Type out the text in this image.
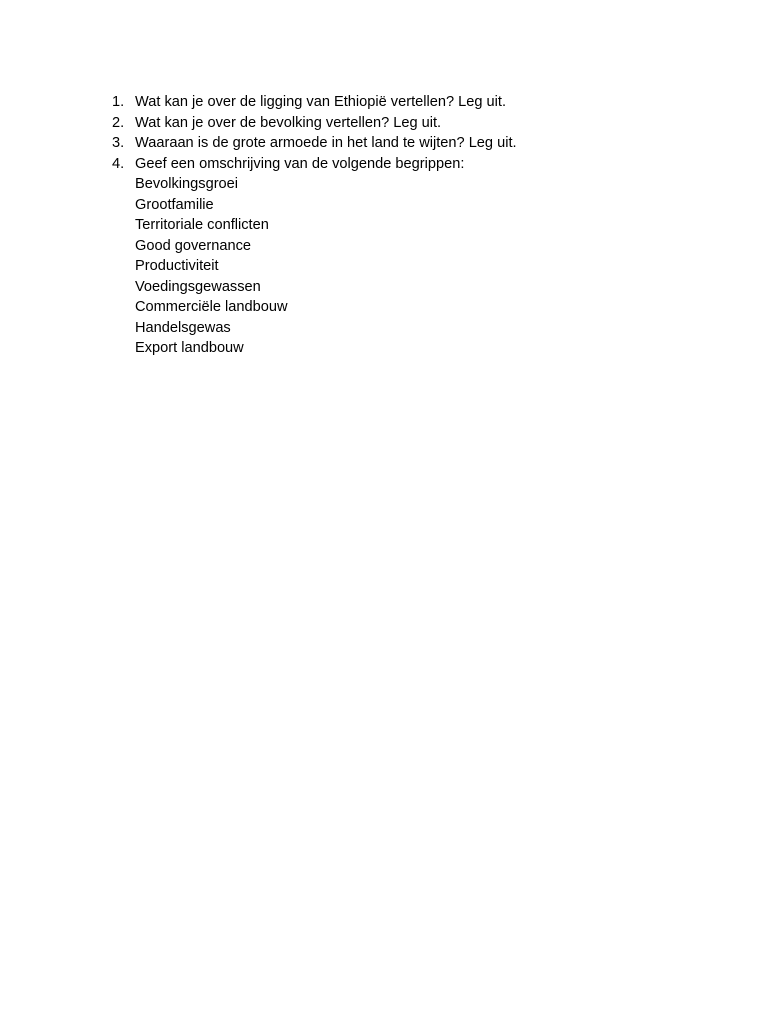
1. Wat kan je over de ligging van Ethiopië vertellen? Leg uit.
2. Wat kan je over de bevolking vertellen? Leg uit.
3. Waaraan is de grote armoede in het land te wijten? Leg uit.
4. Geef een omschrijving van de volgende begrippen:
Bevolkingsgroei
Grootfamilie
Territoriale conflicten
Good governance
Productiviteit
Voedingsgewassen
Commerciële landbouw
Handelsgewas
Export landbouw
